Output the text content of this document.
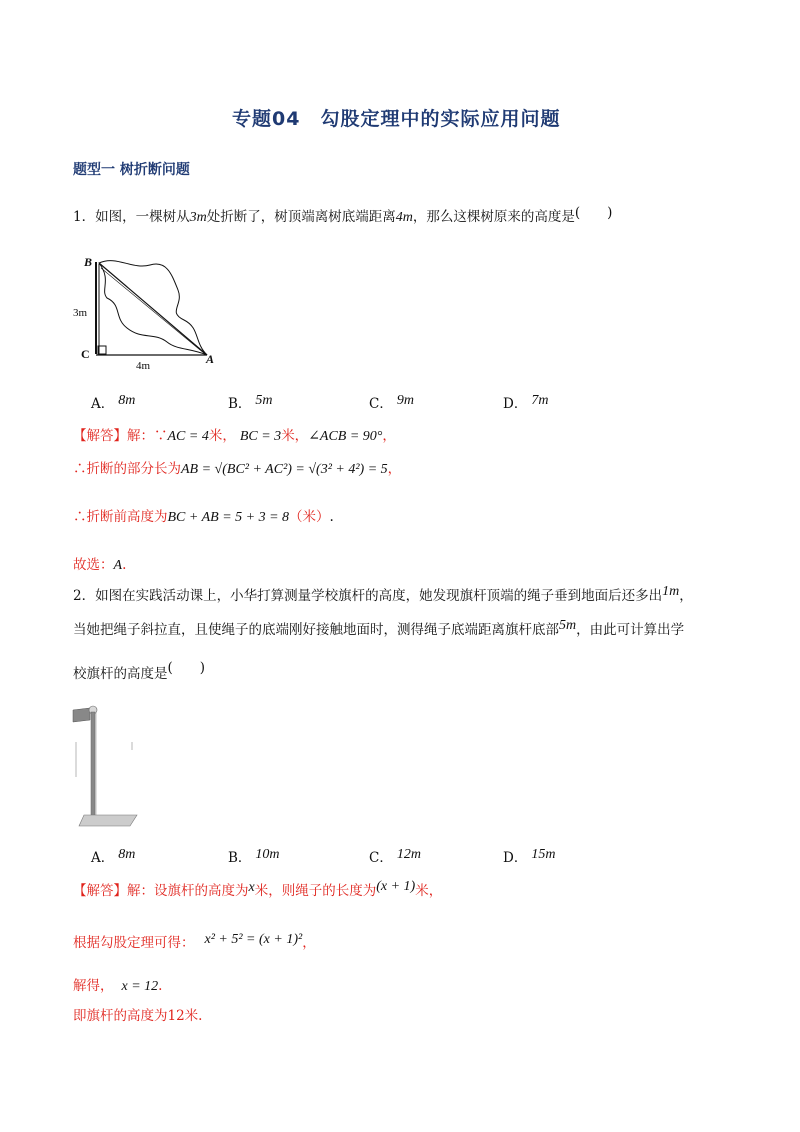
专题04　勾股定理中的实际应用问题
题型一 树折断问题
1．如图，一棵树从3m处折断了，树顶端离树底端距离4m，那么这棵树原来的高度是(　　)
B
3m
C
4m	A
A． 8m	B． 5m	C． 9m	D． 7m
【解答】解：∵AC = 4米， BC = 3米，∠ACB = 90°，
∴折断的部分长为AB = √(BC² + AC²) = √(3² + 4²) = 5，
∴折断前高度为BC + AB = 5 + 3 = 8（米）.
故选：A.
2．如图在实践活动课上，小华打算测量学校旗杆的高度，她发现旗杆顶端的绳子垂到地面后还多出1m，
当她把绳子斜拉直，且使绳子的底端刚好接触地面时，测得绳子底端距离旗杆底部5m，由此可计算出学
校旗杆的高度是(　　)
A． 8m	B． 10m	C． 12m	D． 15m
【解答】解：设旗杆的高度为x米，则绳子的长度为(x + 1)米，
根据勾股定理可得： x² + 5² = (x + 1)²，
解得， x = 12.
即旗杆的高度为12米.
